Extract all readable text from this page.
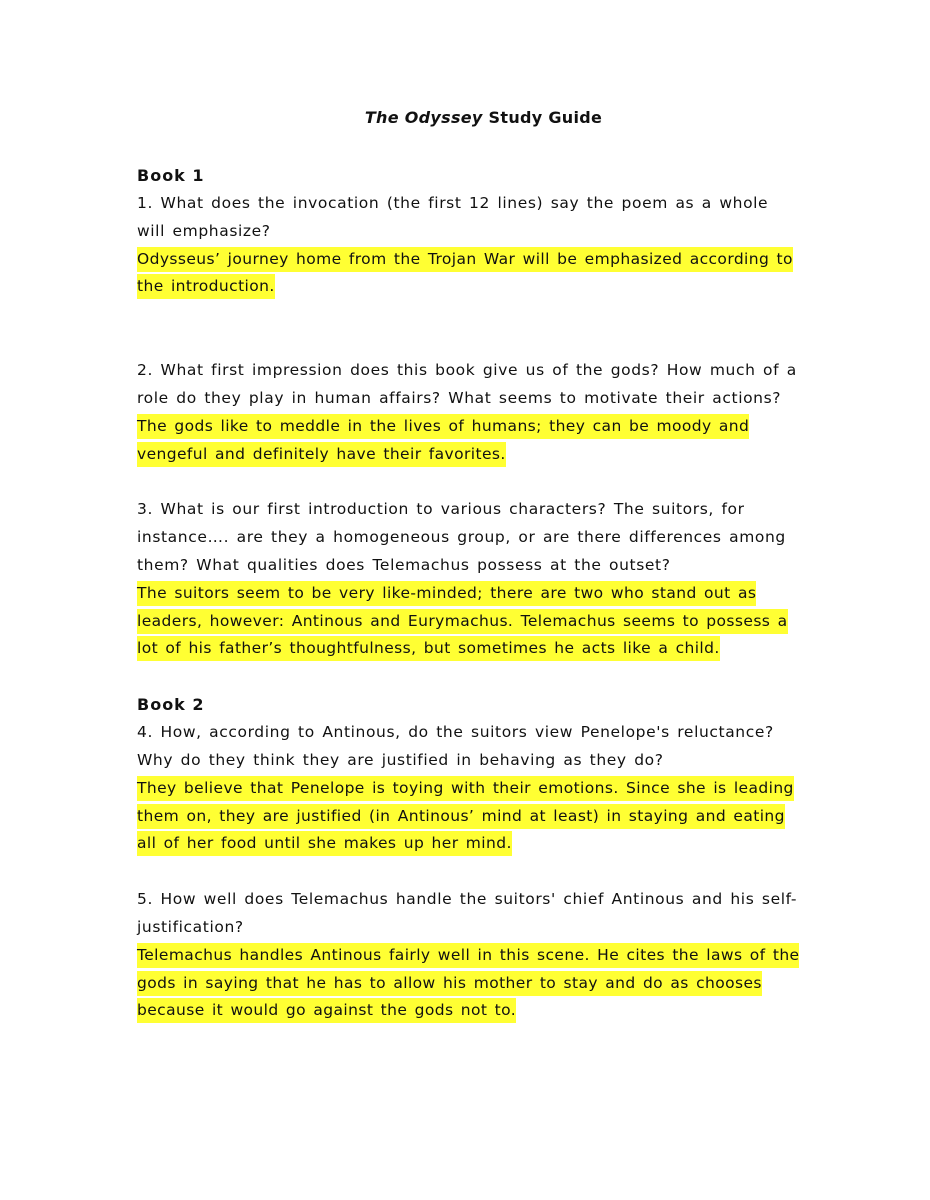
The Odyssey Study Guide

Book 1

1. What does the invocation (the first 12 lines) say the poem as a whole will emphasize?

Odysseus’ journey home from the Trojan War will be emphasized according to the introduction.

2. What first impression does this book give us of the gods? How much of a role do they play in human affairs? What seems to motivate their actions?

The gods like to meddle in the lives of humans; they can be moody and vengeful and definitely have their favorites.

3. What is our first introduction to various characters? The suitors, for instance…. are they a homogeneous group, or are there differences among them? What qualities does Telemachus possess at the outset?

The suitors seem to be very like-minded; there are two who stand out as leaders, however: Antinous and Eurymachus. Telemachus seems to possess a lot of his father’s thoughtfulness, but sometimes he acts like a child.

Book 2

4. How, according to Antinous, do the suitors view Penelope's reluctance? Why do they think they are justified in behaving as they do?

They believe that Penelope is toying with their emotions. Since she is leading them on, they are justified (in Antinous’ mind at least) in staying and eating all of her food until she makes up her mind.

5. How well does Telemachus handle the suitors' chief Antinous and his self-justification?

Telemachus handles Antinous fairly well in this scene. He cites the laws of the gods in saying that he has to allow his mother to stay and do as chooses because it would go against the gods not to.
